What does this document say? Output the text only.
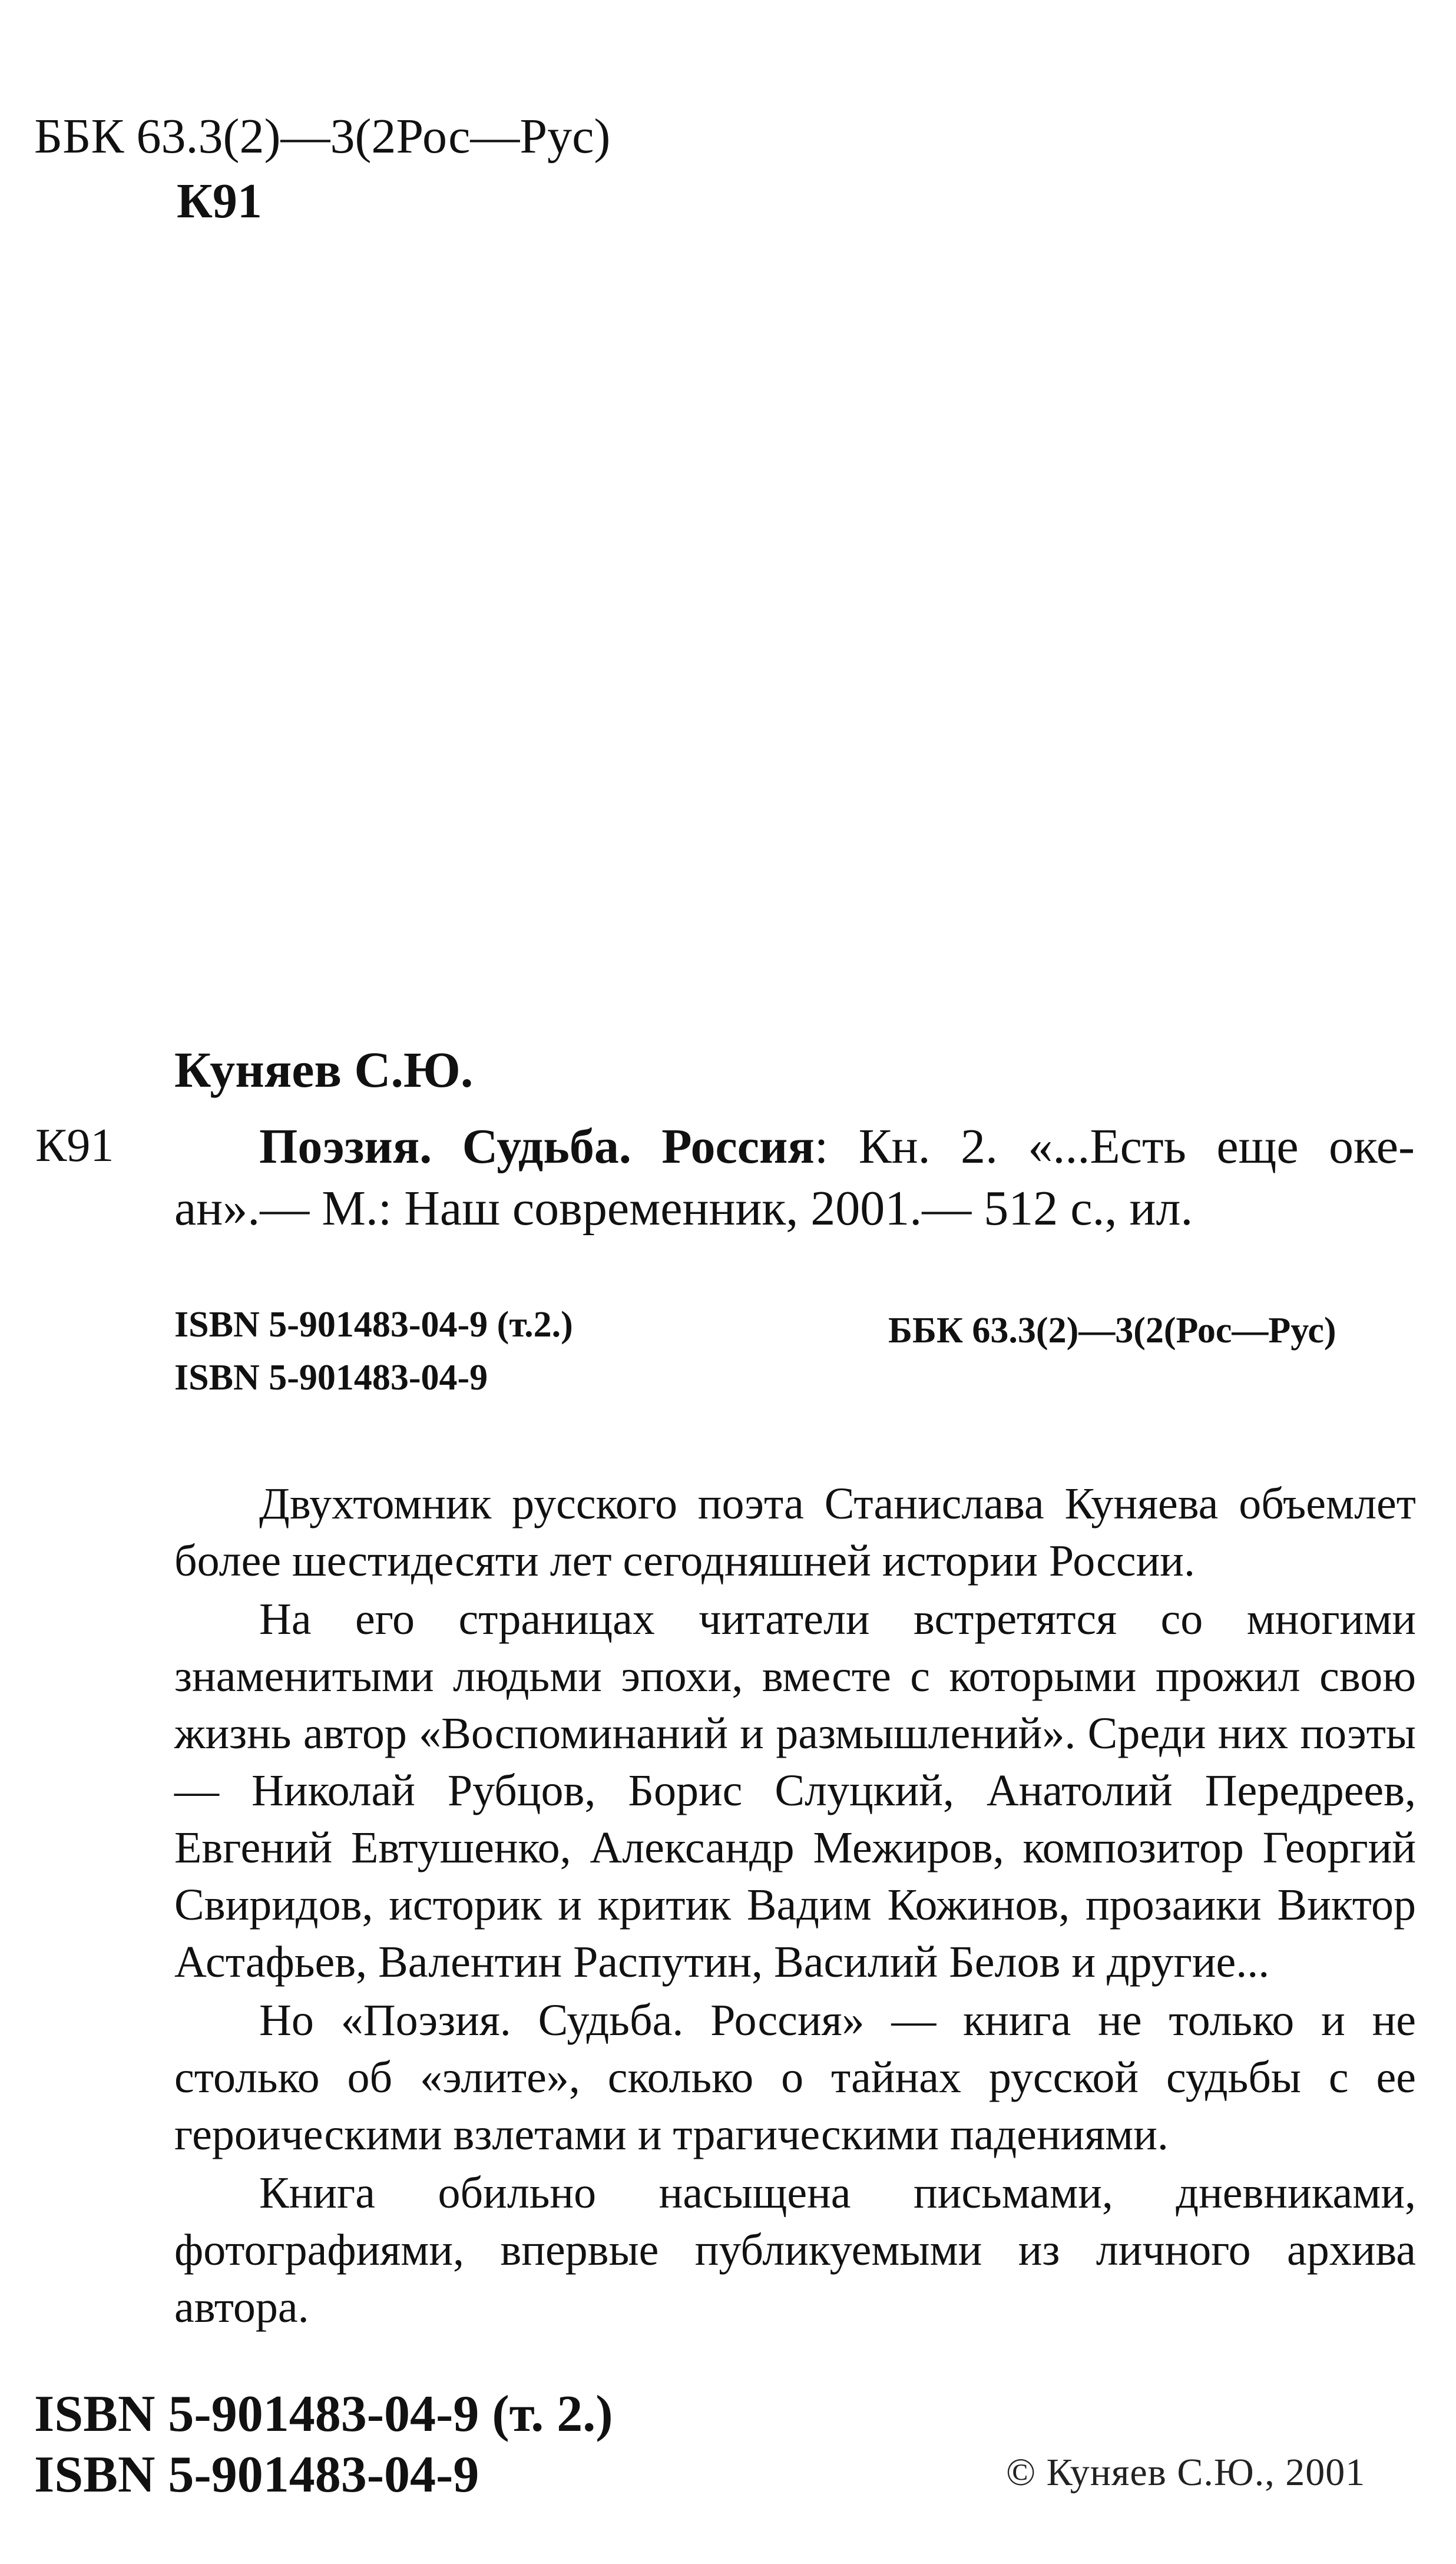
ББК 63.3(2)—3(2Рос—Рус)
К91
Куняев С.Ю.
К91	Поэзия. Судьба. Россия: Кн. 2. «...Есть еще оке-
ан».— М.: Наш современник, 2001.— 512 с., ил.
ISBN 5-901483-04-9 (т.2.)
ISBN 5-901483-04-9
ББК 63.3(2)—3(2(Рос—Рус)

Двухтомник русского поэта Станислава Куняева объемлет более шестидесяти лет сегодняшней истории России.

На его страницах читатели встретятся со многими знаменитыми людьми эпохи, вместе с которыми прожил свою жизнь автор «Воспоминаний и размышлений». Среди них поэты — Николай Рубцов, Борис Слуцкий, Анатолий Передреев, Евгений Евтушенко, Александр Межиров, композитор Георгий Свиридов, историк и критик Вадим Кожинов, прозаики Виктор Астафьев, Валентин Распутин, Василий Белов и другие...

Но «Поэзия. Судьба. Россия» — книга не только и не столько об «элите», сколько о тайнах русской судьбы с ее героическими взлетами и трагическими падениями.

Книга обильно насыщена письмами, дневниками, фотографиями, впервые публикуемыми из личного архива автора.

ISBN 5-901483-04-9 (т. 2.)
ISBN 5-901483-04-9	© Куняев С.Ю., 2001
